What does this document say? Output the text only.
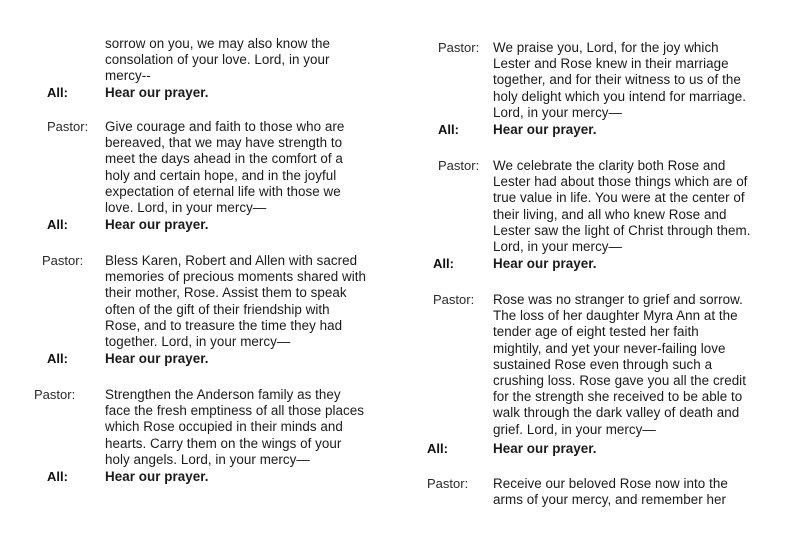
sorrow on you, we may also know the
consolation of your love. Lord, in your
mercy--
All:	Hear our prayer.
Pastor: Give courage and faith to those who are
bereaved, that we may have strength to
meet the days ahead in the comfort of a
holy and certain hope, and in the joyful
expectation of eternal life with those we
love. Lord, in your mercy—
All:	Hear our prayer.
Pastor: Bless Karen, Robert and Allen with sacred
memories of precious moments shared with
their mother, Rose. Assist them to speak
often of the gift of their friendship with
Rose, and to treasure the time they had
together. Lord, in your mercy—
All:	Hear our prayer.
Pastor: Strengthen the Anderson family as they
face the fresh emptiness of all those places
which Rose occupied in their minds and
hearts. Carry them on the wings of your
holy angels. Lord, in your mercy—
All:	Hear our prayer.
Pastor: We praise you, Lord, for the joy which
Lester and Rose knew in their marriage
together, and for their witness to us of the
holy delight which you intend for marriage.
Lord, in your mercy—
All:	Hear our prayer.
Pastor: We celebrate the clarity both Rose and
Lester had about those things which are of
true value in life. You were at the center of
their living, and all who knew Rose and
Lester saw the light of Christ through them.
Lord, in your mercy—
All:	Hear our prayer.
Pastor: Rose was no stranger to grief and sorrow.
The loss of her daughter Myra Ann at the
tender age of eight tested her faith
mightily, and yet your never-failing love
sustained Rose even through such a
crushing loss. Rose gave you all the credit
for the strength she received to be able to
walk through the dark valley of death and
grief. Lord, in your mercy—
All:	Hear our prayer.
Pastor: Receive our beloved Rose now into the
arms of your mercy, and remember her
